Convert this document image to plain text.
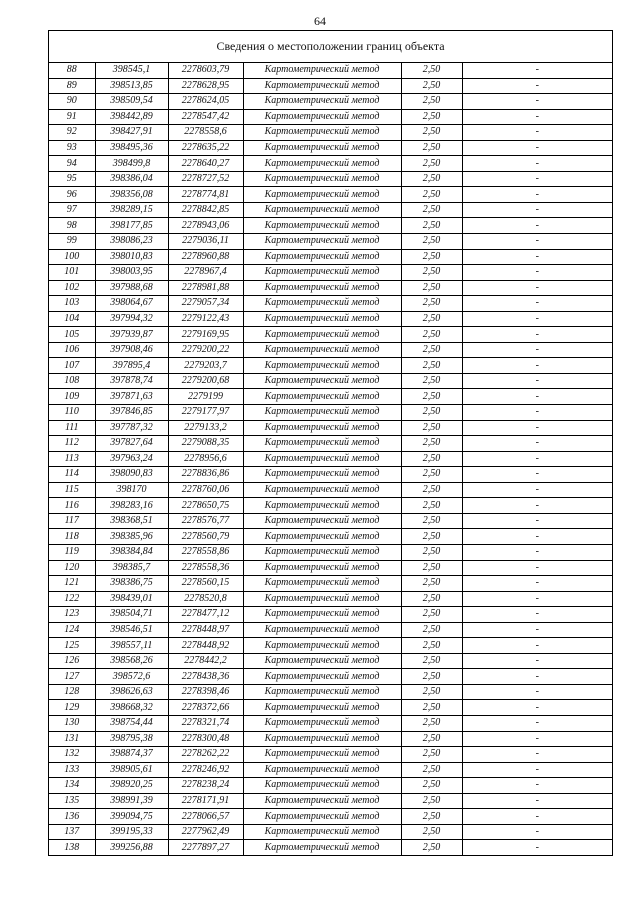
64
Сведения о местоположении границ объекта
88	398545,1	2278603,79	Картометрический метод	2,50	-
89	398513,85	2278628,95	Картометрический метод	2,50	-
90	398509,54	2278624,05	Картометрический метод	2,50	-
91	398442,89	2278547,42	Картометрический метод	2,50	-
92	398427,91	2278558,6	Картометрический метод	2,50	-
93	398495,36	2278635,22	Картометрический метод	2,50	-
94	398499,8	2278640,27	Картометрический метод	2,50	-
95	398386,04	2278727,52	Картометрический метод	2,50	-
96	398356,08	2278774,81	Картометрический метод	2,50	-
97	398289,15	2278842,85	Картометрический метод	2,50	-
98	398177,85	2278943,06	Картометрический метод	2,50	-
99	398086,23	2279036,11	Картометрический метод	2,50	-
100	398010,83	2278960,88	Картометрический метод	2,50	-
101	398003,95	2278967,4	Картометрический метод	2,50	-
102	397988,68	2278981,88	Картометрический метод	2,50	-
103	398064,67	2279057,34	Картометрический метод	2,50	-
104	397994,32	2279122,43	Картометрический метод	2,50	-
105	397939,87	2279169,95	Картометрический метод	2,50	-
106	397908,46	2279200,22	Картометрический метод	2,50	-
107	397895,4	2279203,7	Картометрический метод	2,50	-
108	397878,74	2279200,68	Картометрический метод	2,50	-
109	397871,63	2279199	Картометрический метод	2,50	-
110	397846,85	2279177,97	Картометрический метод	2,50	-
111	397787,32	2279133,2	Картометрический метод	2,50	-
112	397827,64	2279088,35	Картометрический метод	2,50	-
113	397963,24	2278956,6	Картометрический метод	2,50	-
114	398090,83	2278836,86	Картометрический метод	2,50	-
115	398170	2278760,06	Картометрический метод	2,50	-
116	398283,16	2278650,75	Картометрический метод	2,50	-
117	398368,51	2278576,77	Картометрический метод	2,50	-
118	398385,96	2278560,79	Картометрический метод	2,50	-
119	398384,84	2278558,86	Картометрический метод	2,50	-
120	398385,7	2278558,36	Картометрический метод	2,50	-
121	398386,75	2278560,15	Картометрический метод	2,50	-
122	398439,01	2278520,8	Картометрический метод	2,50	-
123	398504,71	2278477,12	Картометрический метод	2,50	-
124	398546,51	2278448,97	Картометрический метод	2,50	-
125	398557,11	2278448,92	Картометрический метод	2,50	-
126	398568,26	2278442,2	Картометрический метод	2,50	-
127	398572,6	2278438,36	Картометрический метод	2,50	-
128	398626,63	2278398,46	Картометрический метод	2,50	-
129	398668,32	2278372,66	Картометрический метод	2,50	-
130	398754,44	2278321,74	Картометрический метод	2,50	-
131	398795,38	2278300,48	Картометрический метод	2,50	-
132	398874,37	2278262,22	Картометрический метод	2,50	-
133	398905,61	2278246,92	Картометрический метод	2,50	-
134	398920,25	2278238,24	Картометрический метод	2,50	-
135	398991,39	2278171,91	Картометрический метод	2,50	-
136	399094,75	2278066,57	Картометрический метод	2,50	-
137	399195,33	2277962,49	Картометрический метод	2,50	-
138	399256,88	2277897,27	Картометрический метод	2,50	-
